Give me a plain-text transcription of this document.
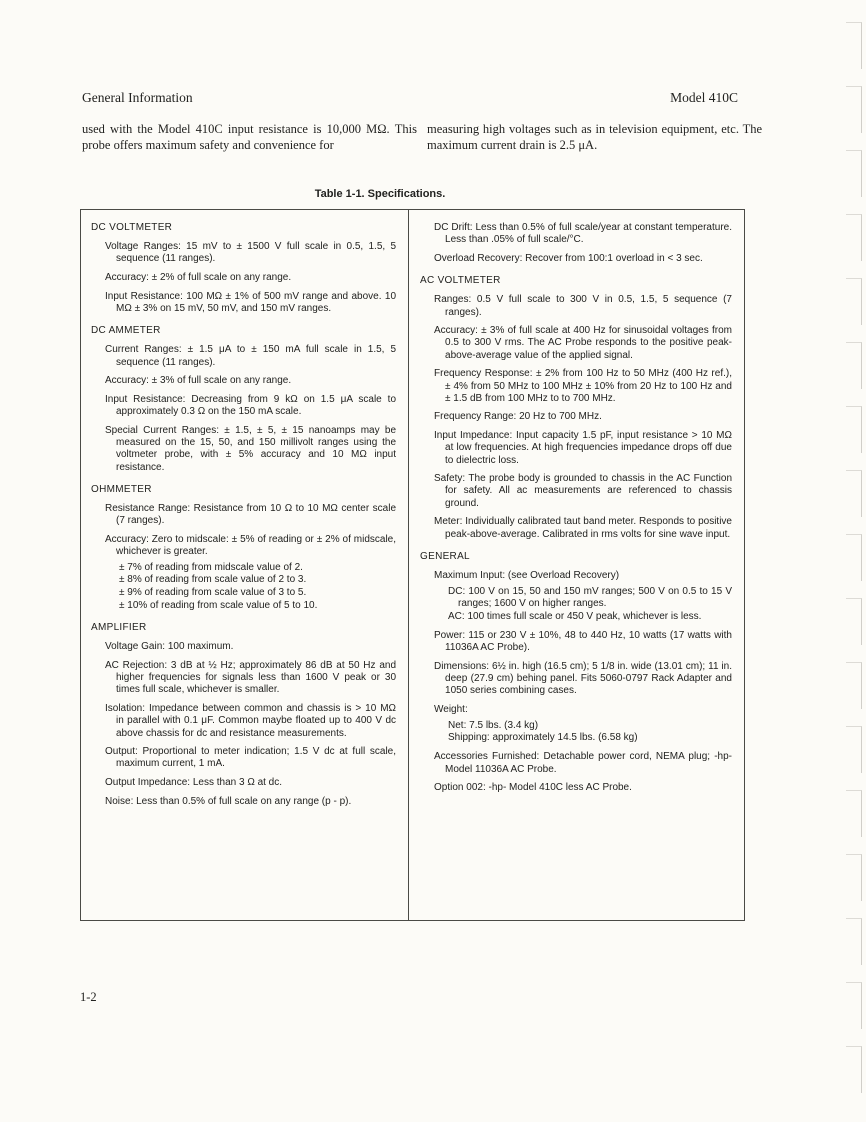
General Information	Model 410C

used with the Model 410C input resistance is 10,000 MΩ. This probe offers maximum safety and convenience for

measuring high voltages such as in television equipment, etc. The maximum current drain is 2.5 μA.

Table 1-1. Specifications.
DC VOLTMETER

Voltage Ranges: 15 mV to ± 1500 V full scale in 0.5, 1.5, 5 sequence (11 ranges).

Accuracy: ± 2% of full scale on any range.

Input Resistance: 100 MΩ ± 1% of 500 mV range and above. 10 MΩ ± 3% on 15 mV, 50 mV, and 150 mV ranges.

DC AMMETER

Current Ranges: ± 1.5 μA to ± 150 mA full scale in 1.5, 5 sequence (11 ranges).

Accuracy: ± 3% of full scale on any range.

Input Resistance: Decreasing from 9 kΩ on 1.5 μA scale to approximately 0.3 Ω on the 150 mA scale.

Special Current Ranges: ± 1.5, ± 5, ± 15 nanoamps may be measured on the 15, 50, and 150 millivolt ranges using the voltmeter probe, with ± 5% accuracy and 10 MΩ input resistance.

OHMMETER

Resistance Range: Resistance from 10 Ω to 10 MΩ center scale (7 ranges).

Accuracy: Zero to midscale: ± 5% of reading or ± 2% of midscale, whichever is greater.

± 7% of reading from midscale value of 2.

± 8% of reading from scale value of 2 to 3.

± 9% of reading from scale value of 3 to 5.

± 10% of reading from scale value of 5 to 10.

AMPLIFIER

Voltage Gain: 100 maximum.

AC Rejection: 3 dB at ½ Hz; approximately 86 dB at 50 Hz and higher frequencies for signals less than 1600 V peak or 30 times full scale, whichever is smaller.

Isolation: Impedance between common and chassis is > 10 MΩ in parallel with 0.1 μF. Common maybe floated up to 400 V dc above chassis for dc and resistance measurements.

Output: Proportional to meter indication; 1.5 V dc at full scale, maximum current, 1 mA.

Output Impedance: Less than 3 Ω at dc.

Noise: Less than 0.5% of full scale on any range (p - p).

DC Drift: Less than 0.5% of full scale/year at constant temperature. Less than .05% of full scale/°C.

Overload Recovery: Recover from 100:1 overload in < 3 sec.

AC VOLTMETER

Ranges: 0.5 V full scale to 300 V in 0.5, 1.5, 5 sequence (7 ranges).

Accuracy: ± 3% of full scale at 400 Hz for sinusoidal voltages from 0.5 to 300 V rms. The AC Probe responds to the positive peak-above-average value of the applied signal.

Frequency Response: ± 2% from 100 Hz to 50 MHz (400 Hz ref.), ± 4% from 50 MHz to 100 MHz ± 10% from 20 Hz to 100 Hz and ± 1.5 dB from 100 MHz to to 700 MHz.

Frequency Range: 20 Hz to 700 MHz.

Input Impedance: Input capacity 1.5 pF, input resistance > 10 MΩ at low frequencies. At high frequencies impedance drops off due to dielectric loss.

Safety: The probe body is grounded to chassis in the AC Function for safety. All ac measurements are referenced to chassis ground.

Meter: Individually calibrated taut band meter. Responds to positive peak-above-average. Calibrated in rms volts for sine wave input.

GENERAL

Maximum Input: (see Overload Recovery)

DC: 100 V on 15, 50 and 150 mV ranges; 500 V on 0.5 to 15 V ranges; 1600 V on higher ranges.

AC: 100 times full scale or 450 V peak, whichever is less.

Power: 115 or 230 V ± 10%, 48 to 440 Hz, 10 watts (17 watts with 11036A AC Probe).

Dimensions: 6½ in. high (16.5 cm); 5 1/8 in. wide (13.01 cm); 11 in. deep (27.9 cm) behing panel. Fits 5060-0797 Rack Adapter and 1050 series combining cases.

Weight:

Net: 7.5 lbs. (3.4 kg)

Shipping: approximately 14.5 lbs. (6.58 kg)

Accessories Furnished: Detachable power cord, NEMA plug; -hp- Model 11036A AC Probe.

Option 002: -hp- Model 410C less AC Probe.

1-2
